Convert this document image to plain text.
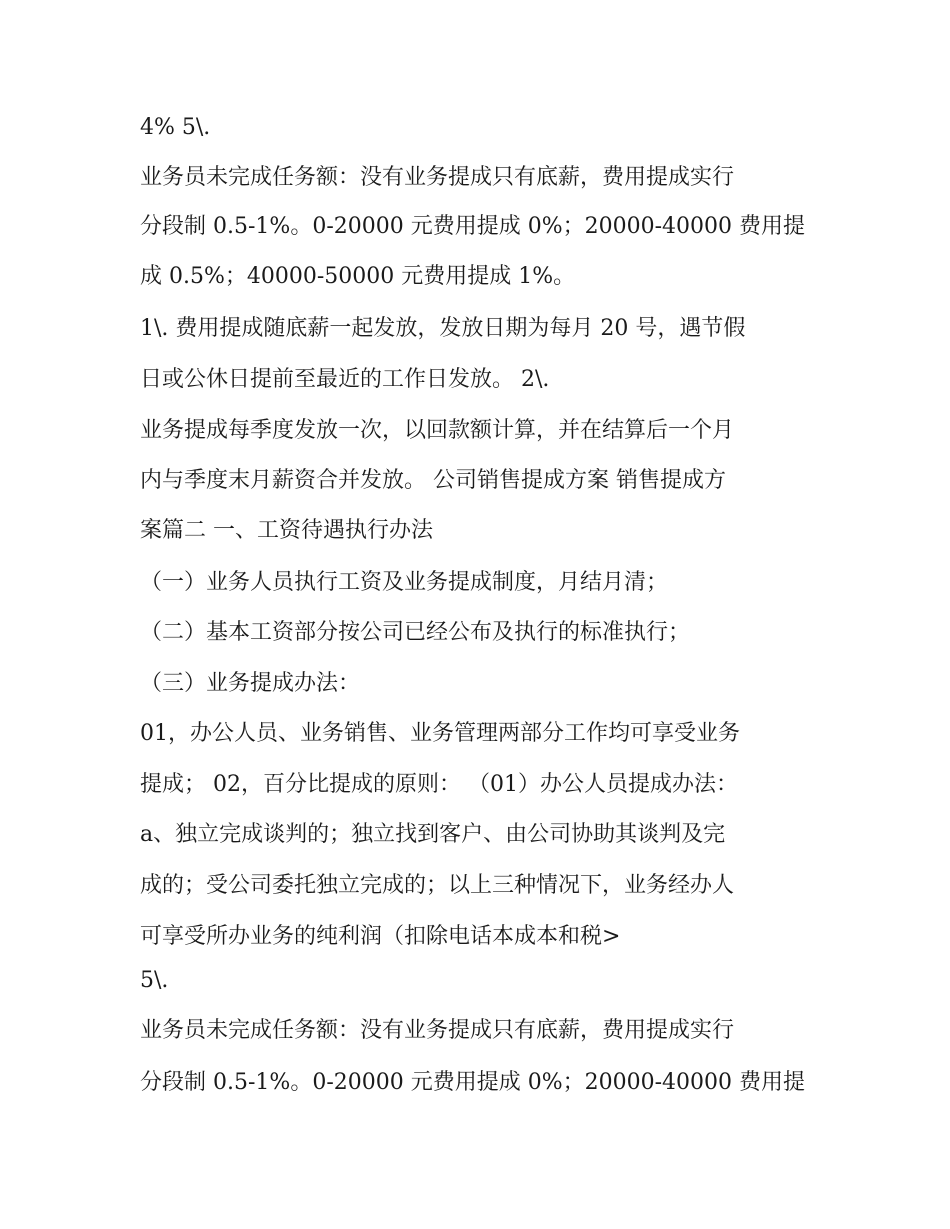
4% 5\.
业务员未完成任务额：没有业务提成只有底薪，费用提成实行
分段制 0.5-1%。0-20000 元费用提成 0%；20000-40000 费用提
成 0.5%；40000-50000 元费用提成 1%。
1\. 费用提成随底薪一起发放，发放日期为每月 20 号，遇节假
日或公休日提前至最近的工作日发放。 2\.
业务提成每季度发放一次，以回款额计算，并在结算后一个月
内与季度末月薪资合并发放。 公司销售提成方案 销售提成方
案篇二 一、工资待遇执行办法
（一）业务人员执行工资及业务提成制度，月结月清；
（二）基本工资部分按公司已经公布及执行的标准执行；
（三）业务提成办法：
01，办公人员、业务销售、业务管理两部分工作均可享受业务
提成； 02，百分比提成的原则： （01）办公人员提成办法：
a、独立完成谈判的；独立找到客户、由公司协助其谈判及完
成的；受公司委托独立完成的；以上三种情况下，业务经办人
可享受所办业务的纯利润（扣除电话本成本和税>
5\.
业务员未完成任务额：没有业务提成只有底薪，费用提成实行
分段制 0.5-1%。0-20000 元费用提成 0%；20000-40000 费用提
